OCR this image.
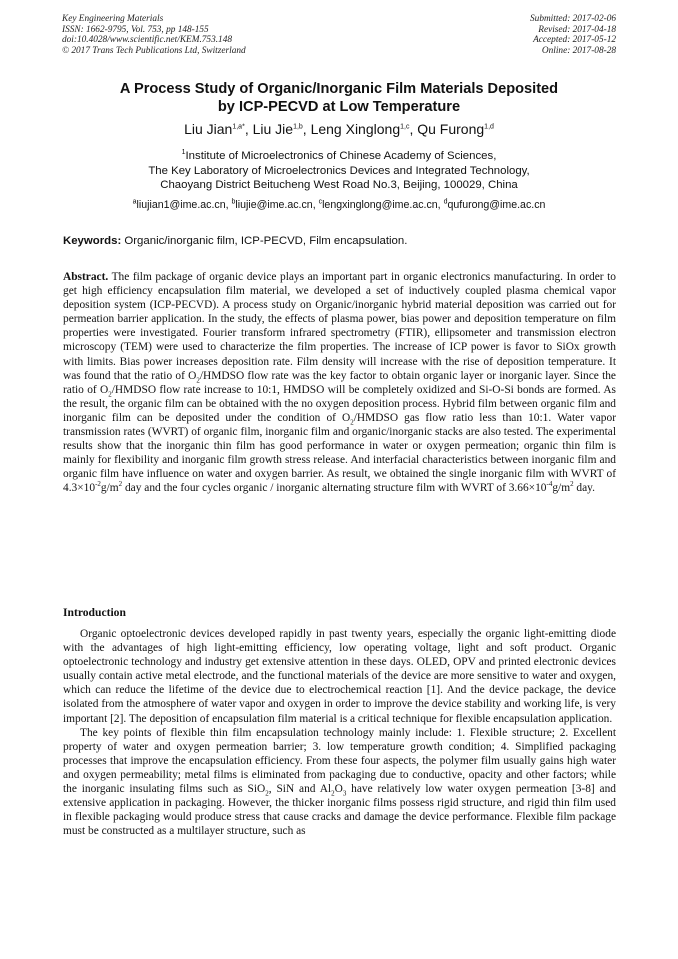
Key Engineering Materials
ISSN: 1662-9795, Vol. 753, pp 148-155
doi:10.4028/www.scientific.net/KEM.753.148
© 2017 Trans Tech Publications Ltd, Switzerland
Submitted: 2017-02-06
Revised: 2017-04-18
Accepted: 2017-05-12
Online: 2017-08-28
A Process Study of Organic/Inorganic Film Materials Deposited
by ICP-PECVD at Low Temperature
Liu Jian$^{1,a*}$, Liu Jie$^{1,b}$, Leng Xinglong$^{1,c}$, Qu Furong$^{1,d}$
$^1$Institute of Microelectronics of Chinese Academy of Sciences,
The Key Laboratory of Microelectronics Devices and Integrated Technology,
Chaoyang District Beitucheng West Road No.3, Beijing, 100029, China
$^a$liujian1@ime.ac.cn, $^b$liujie@ime.ac.cn, $^c$lengxinglong@ime.ac.cn, $^d$qufurong@ime.ac.cn
Keywords: Organic/inorganic film, ICP-PECVD, Film encapsulation.
Abstract. The film package of organic device plays an important part in organic electronics manufacturing. In order to get high efficiency encapsulation film material, we developed a set of inductively coupled plasma chemical vapor deposition system (ICP-PECVD). A process study on Organic/inorganic hybrid material deposition was carried out for permeation barrier application. In the study, the effects of plasma power, bias power and deposition temperature on film properties were investigated. Fourier transform infrared spectrometry (FTIR), ellipsometer and transmission electron microscopy (TEM) were used to characterize the film properties. The increase of ICP power is favor to SiOx growth with limits. Bias power increases deposition rate. Film density will increase with the rise of deposition temperature. It was found that the ratio of $O_2$/HMDSO flow rate was the key factor to obtain organic layer or inorganic layer. Since the ratio of $O_2$/HMDSO flow rate increase to 10:1, HMDSO will be completely oxidized and Si-O-Si bonds are formed. As the result, the organic film can be obtained with the no oxygen deposition process. Hybrid film between organic film and inorganic film can be deposited under the condition of $O_2$/HMDSO gas flow ratio less than 10:1. Water vapor transmission rates (WVRT) of organic film, inorganic film and organic/inorganic stacks are also tested. The experimental results show that the inorganic thin film has good performance in water or oxygen permeation; organic thin film is mainly for flexibility and inorganic film growth stress release. And interfacial characteristics between inorganic film and organic film have influence on water and oxygen barrier. As result, we obtained the single inorganic film with WVRT of $4.3\times 10^{-2}g/m^2$ day and the four cycles organic / inorganic alternating structure film with WVRT of $3.66\times 10^{-4}g/m^2$ day.
Introduction

Organic optoelectronic devices developed rapidly in past twenty years, especially the organic light-emitting diode with the advantages of high light-emitting efficiency, low operating voltage, light and soft product. Organic optoelectronic technology and industry get extensive attention in these days. OLED, OPV and printed electronic devices usually contain active metal electrode, and the functional materials of the device are more sensitive to water and oxygen, which can reduce the lifetime of the device due to electrochemical reaction [1]. And the device package, the device isolated from the atmosphere of water vapor and oxygen in order to improve the device stability and working life, is very important [2]. The deposition of encapsulation film material is a critical technique for flexible encapsulation application.

The key points of flexible thin film encapsulation technology mainly include: 1. Flexible structure; 2. Excellent property of water and oxygen permeation barrier; 3. low temperature growth condition; 4. Simplified packaging processes that improve the encapsulation efficiency. From these four aspects, the polymer film usually gains high water and oxygen permeability; metal films is eliminated from packaging due to conductive, opacity and other factors; while the inorganic insulating films such as SiO$_2$, SiN and $Al_2O_3$ have relatively low water oxygen permeation [3-8] and extensive application in packaging. However, the thicker inorganic films possess rigid structure, and rigid thin film used in flexible packaging would produce stress that cause cracks and damage the device performance. Flexible film package must be constructed as a multilayer structure, such as
